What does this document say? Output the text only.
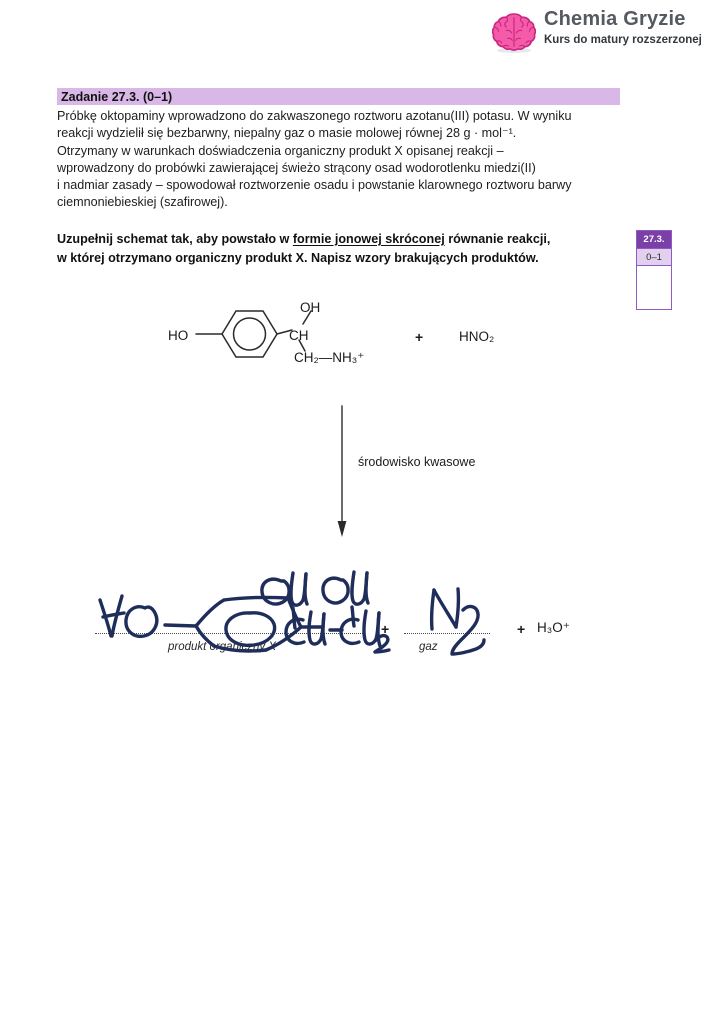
Chemia Gryzie
Kurs do matury rozszerzonej
Zadanie 27.3. (0–1)
Próbkę oktopaminy wprowadzono do zakwaszonego roztworu azotanu(III) potasu. W wyniku
reakcji wydzielił się bezbarwny, niepalny gaz o masie molowej równej 28 g · mol⁻¹.
Otrzymany w warunkach doświadczenia organiczny produkt X opisanej reakcji –
wprowadzony do probówki zawierającej świeżo strącony osad wodorotlenku miedzi(II)
i nadmiar zasady – spowodował roztworzenie osadu i powstanie klarownego roztworu barwy
ciemnoniebieskiej (szafirowej).
Uzupełnij schemat tak, aby powstało w formie jonowej skróconej równanie reakcji,
w której otrzymano organiczny produkt X. Napisz wzory brakujących produktów.
27.3.
0–1
HO
OH
CH
CH₂—NH₃⁺
+	HNO₂
środowisko kwasowe
produkt organiczny X	gaz
+	+ H₃O⁺
